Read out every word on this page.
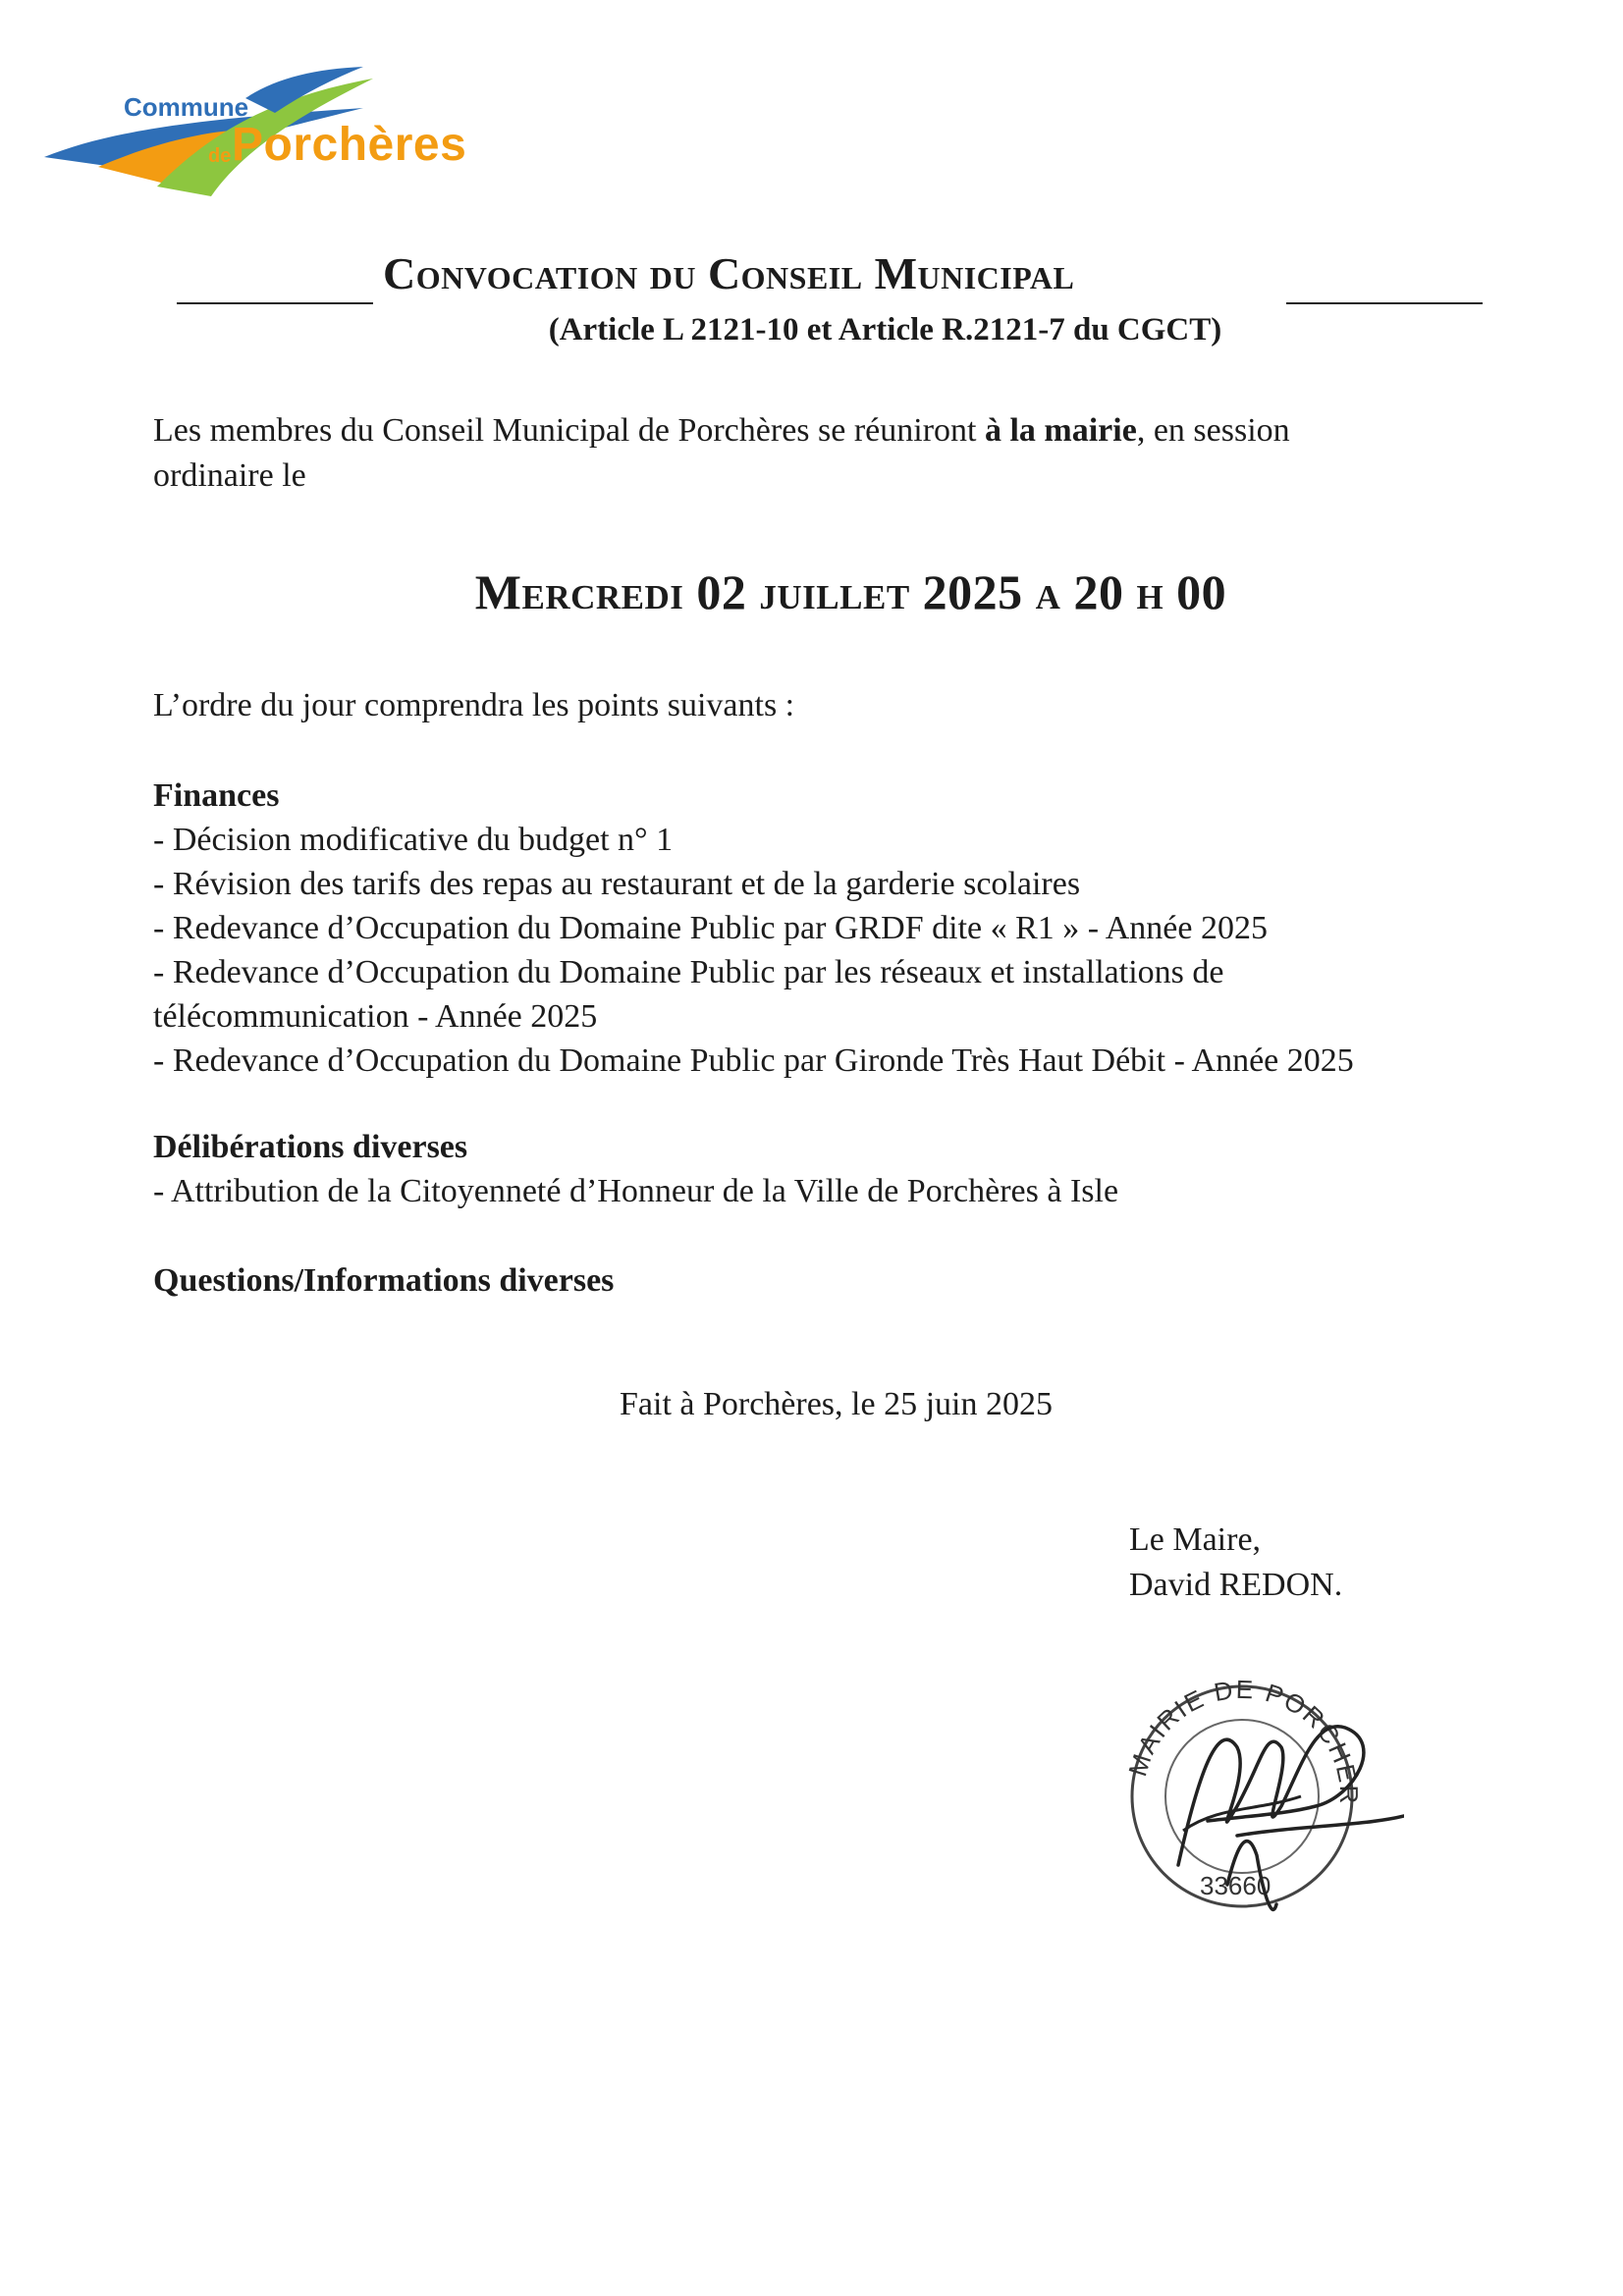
Commune
de Porchères
Convocation du Conseil Municipal
(Article L 2121-10 et Article R.2121-7 du CGCT)
Les membres du Conseil Municipal de Porchères se réuniront à la mairie, en session
ordinaire le
Mercredi 02 juillet 2025 a 20 h 00
L’ordre du jour comprendra les points suivants :
Finances
- Décision modificative du budget n° 1
- Révision des tarifs des repas au restaurant et de la garderie scolaires
- Redevance d’Occupation du Domaine Public par GRDF dite « R1 » - Année 2025
- Redevance d’Occupation du Domaine Public par les réseaux et installations de
télécommunication - Année 2025
- Redevance d’Occupation du Domaine Public par Gironde Très Haut Débit - Année 2025
Délibérations diverses
- Attribution de la Citoyenneté d’Honneur de la Ville de Porchères à Isle
Questions/Informations diverses
Fait à Porchères, le 25 juin 2025
Le Maire,
David REDON.
MAIRIE DE PORCHER
33660
